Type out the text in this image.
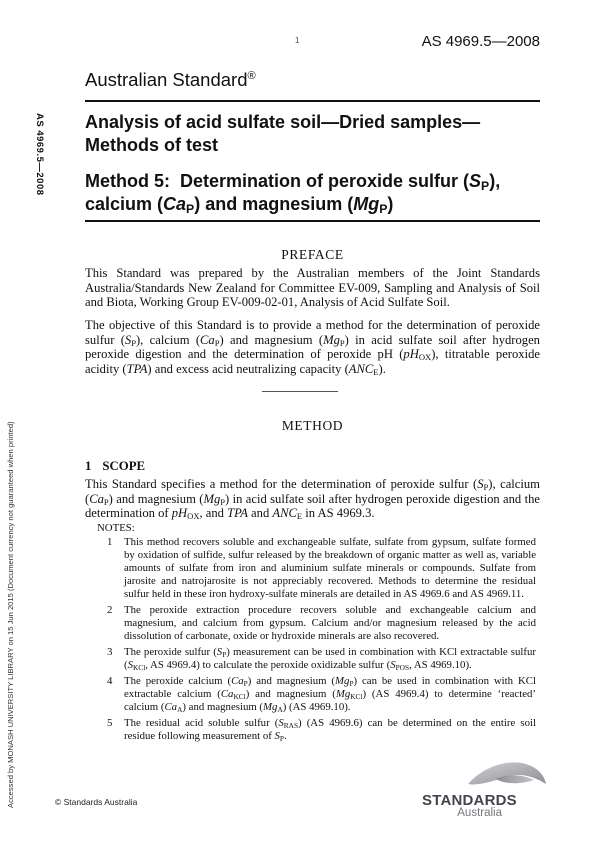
AS 4969.5—2008
1
Australian Standard®
AS 4969.5—2008
Accessed by MONASH UNIVERSITY LIBRARY on 15 Jun 2015 (Document currency not guaranteed when printed)
Analysis of acid sulfate soil—Dried samples—
Methods of test
Method 5:  Determination of peroxide sulfur $(S_P)$,
calcium $(Ca_P)$ and magnesium $(Mg_P)$
PREFACE
This Standard was prepared by the Australian members of the Joint Standards Australia/Standards New Zealand for Committee EV-009, Sampling and Analysis of Soil and Biota, Working Group EV-009-02-01, Analysis of Acid Sulfate Soil.
The objective of this Standard is to provide a method for the determination of peroxide sulfur $(S_P)$, calcium $(Ca_P)$ and magnesium $(Mg_P)$ in acid sulfate soil after hydrogen peroxide digestion and the determination of peroxide pH $(pH_{OX})$, titratable peroxide acidity (TPA) and excess acid neutralizing capacity $(ANC_E)$.
METHOD
1 SCOPE
This Standard specifies a method for the determination of peroxide sulfur $(S_P)$, calcium $(Ca_P)$ and magnesium $(Mg_P)$ in acid sulfate soil after hydrogen peroxide digestion and the determination of $pH_{OX}$, and TPA and $ANC_E$ in AS 4969.3.
NOTES:
1	This method recovers soluble and exchangeable sulfate, sulfate from gypsum, sulfate formed by oxidation of sulfide, sulfur released by the breakdown of organic matter as well as, variable amounts of sulfate from iron and aluminium sulfate minerals or compounds. Sulfate from jarosite and natrojarosite is not appreciably recovered. Methods to determine the residual sulfur held in these iron hydroxy-sulfate minerals are detailed in AS 4969.6 and AS 4969.11.
2	The peroxide extraction procedure recovers soluble and exchangeable calcium and magnesium, and calcium from gypsum. Calcium and/or magnesium released by the acid dissolution of carbonate, oxide or hydroxide minerals are also recovered.
3	The peroxide sulfur $(S_P)$ measurement can be used in combination with KCl extractable sulfur ($S_{KCl}$, AS 4969.4) to calculate the peroxide oxidizable sulfur ($S_{POS}$, AS 4969.10).
4	The peroxide calcium $(Ca_P)$ and magnesium $(Mg_P)$ can be used in combination with KCl extractable calcium $(Ca_{KCl})$ and magnesium $(Mg_{KCl})$ (AS 4969.4) to determine ‘reacted’ calcium $(Ca_A)$ and magnesium $(Mg_A)$ (AS 4969.10).
5	The residual acid soluble sulfur $(S_{RAS})$ (AS 4969.6) can be determined on the entire soil residue following measurement of $S_P$.
© Standards Australia	STANDARDS
Australia
